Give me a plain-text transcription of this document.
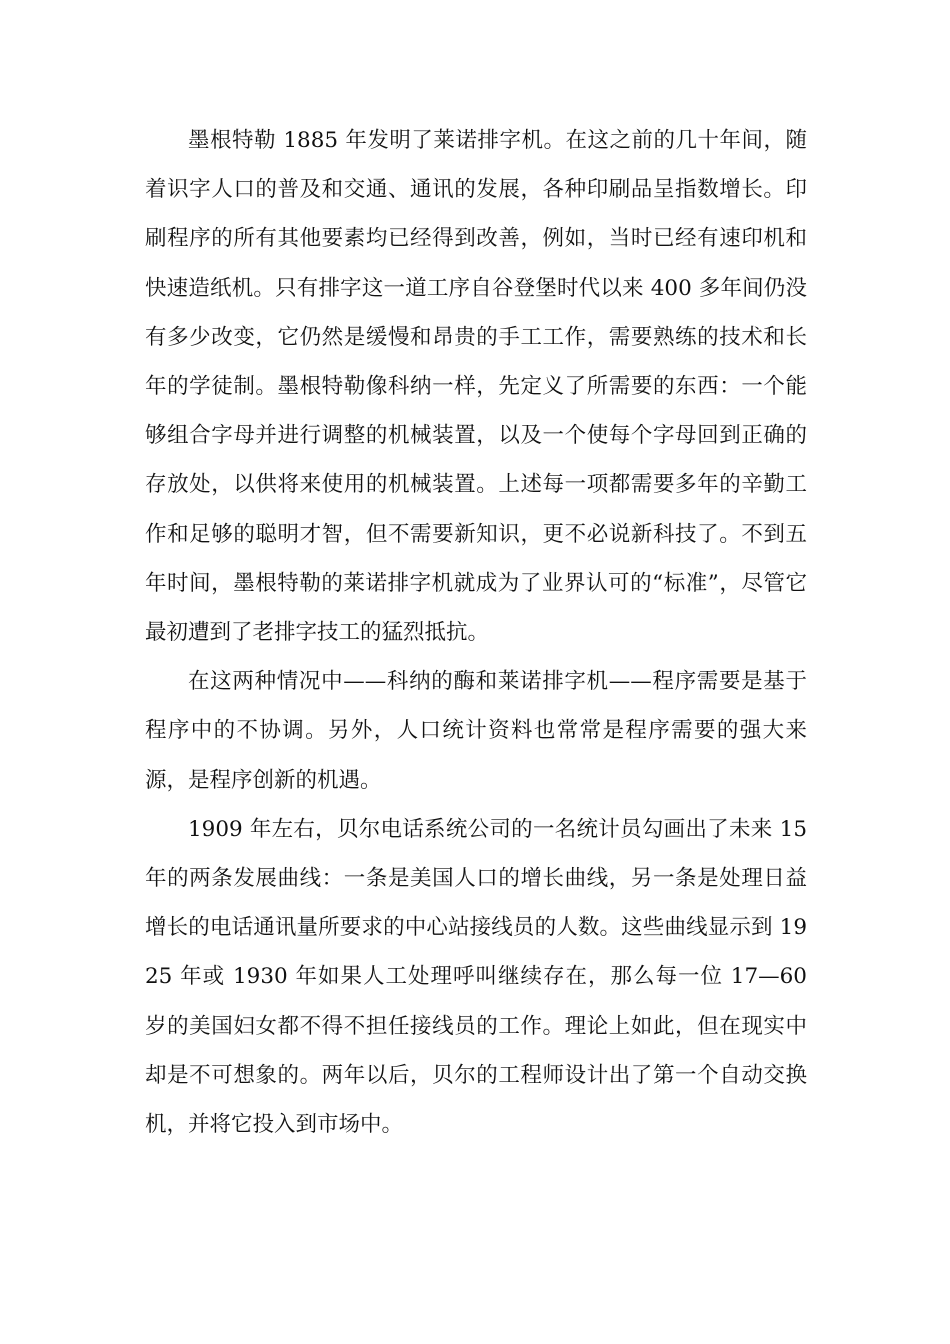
墨根特勒 1885 年发明了莱诺排字机。在这之前的几十年间，随着识字人口的普及和交通、通讯的发展，各种印刷品呈指数增长。印刷程序的所有其他要素均已经得到改善，例如，当时已经有速印机和快速造纸机。只有排字这一道工序自谷登堡时代以来 400 多年间仍没有多少改变，它仍然是缓慢和昂贵的手工工作，需要熟练的技术和长年的学徒制。墨根特勒像科纳一样，先定义了所需要的东西：一个能够组合字母并进行调整的机械装置，以及一个使每个字母回到正确的存放处，以供将来使用的机械装置。上述每一项都需要多年的辛勤工作和足够的聪明才智，但不需要新知识，更不必说新科技了。不到五年时间，墨根特勒的莱诺排字机就成为了业界认可的“标准”，尽管它最初遭到了老排字技工的猛烈抵抗。

在这两种情况中——科纳的酶和莱诺排字机——程序需要是基于程序中的不协调。另外，人口统计资料也常常是程序需要的强大来源，是程序创新的机遇。

1909 年左右，贝尔电话系统公司的一名统计员勾画出了未来 15 年的两条发展曲线：一条是美国人口的增长曲线，另一条是处理日益增长的电话通讯量所要求的中心站接线员的人数。这些曲线显示到 1925 年或 1930 年如果人工处理呼叫继续存在，那么每一位 17—60 岁的美国妇女都不得不担任接线员的工作。理论上如此，但在现实中却是不可想象的。两年以后，贝尔的工程师设计出了第一个自动交换机，并将它投入到市场中。
